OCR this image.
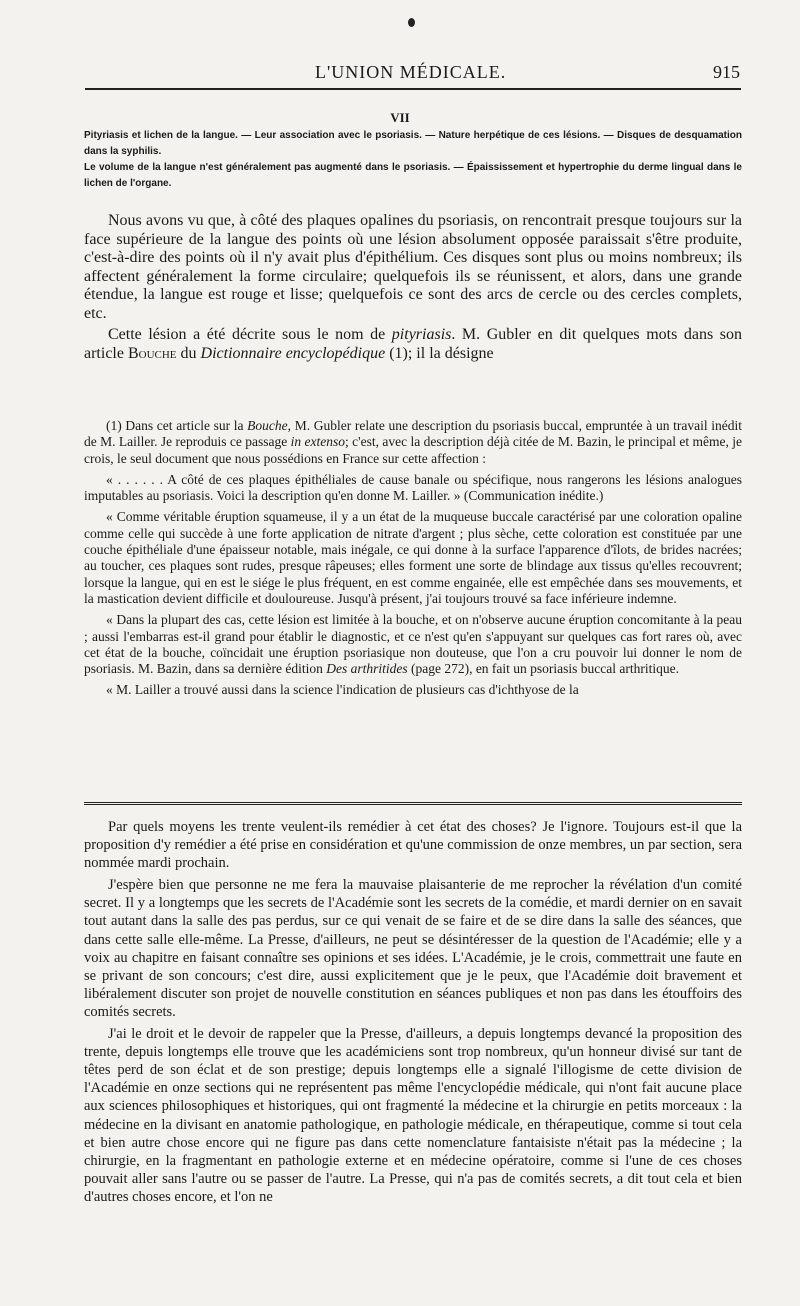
L'UNION MÉDICALE.	915
VII

Pityriasis et lichen de la langue. — Leur association avec le psoriasis. — Nature herpétique de ces lésions. — Disques de desquamation dans la syphilis.

Le volume de la langue n'est généralement pas augmenté dans le psoriasis. — Épaississement et hypertrophie du derme lingual dans le lichen de l'organe.

Nous avons vu que, à côté des plaques opalines du psoriasis, on rencontrait presque toujours sur la face supérieure de la langue des points où une lésion absolument opposée paraissait s'être produite, c'est-à-dire des points où il n'y avait plus d'épithélium. Ces disques sont plus ou moins nombreux; ils affectent généralement la forme circulaire; quelquefois ils se réunissent, et alors, dans une grande étendue, la langue est rouge et lisse; quelquefois ce sont des arcs de cercle ou des cercles complets, etc.

Cette lésion a été décrite sous le nom de pityriasis. M. Gubler en dit quelques mots dans son article Bouche du Dictionnaire encyclopédique (1); il la désigne

(1) Dans cet article sur la Bouche, M. Gubler relate une description du psoriasis buccal, empruntée à un travail inédit de M. Lailler. Je reproduis ce passage in extenso; c'est, avec la description déjà citée de M. Bazin, le principal et même, je crois, le seul document que nous possédions en France sur cette affection :

« . . . . . . A côté de ces plaques épithéliales de cause banale ou spécifique, nous rangerons les lésions analogues imputables au psoriasis. Voici la description qu'en donne M. Lailler. » (Communication inédite.)

« Comme véritable éruption squameuse, il y a un état de la muqueuse buccale caractérisé par une coloration opaline comme celle qui succède à une forte application de nitrate d'argent ; plus sèche, cette coloration est constituée par une couche épithéliale d'une épaisseur notable, mais inégale, ce qui donne à la surface l'apparence d'îlots, de brides nacrées; au toucher, ces plaques sont rudes, presque râpeuses; elles forment une sorte de blindage aux tissus qu'elles recouvrent; lorsque la langue, qui en est le siége le plus fréquent, en est comme engainée, elle est empêchée dans ses mouvements, et la mastication devient difficile et douloureuse. Jusqu'à présent, j'ai toujours trouvé sa face inférieure indemne.

« Dans la plupart des cas, cette lésion est limitée à la bouche, et on n'observe aucune éruption concomitante à la peau ; aussi l'embarras est-il grand pour établir le diagnostic, et ce n'est qu'en s'appuyant sur quelques cas fort rares où, avec cet état de la bouche, coïncidait une éruption psoriasique non douteuse, que l'on a cru pouvoir lui donner le nom de psoriasis. M. Bazin, dans sa dernière édition Des arthritides (page 272), en fait un psoriasis buccal arthritique.

« M. Lailler a trouvé aussi dans la science l'indication de plusieurs cas d'ichthyose de la

Par quels moyens les trente veulent-ils remédier à cet état des choses? Je l'ignore. Toujours est-il que la proposition d'y remédier a été prise en considération et qu'une commission de onze membres, un par section, sera nommée mardi prochain.

J'espère bien que personne ne me fera la mauvaise plaisanterie de me reprocher la révélation d'un comité secret. Il y a longtemps que les secrets de l'Académie sont les secrets de la comédie, et mardi dernier on en savait tout autant dans la salle des pas perdus, sur ce qui venait de se faire et de se dire dans la salle des séances, que dans cette salle elle-même. La Presse, d'ailleurs, ne peut se désintéresser de la question de l'Académie; elle y a voix au chapitre en faisant connaître ses opinions et ses idées. L'Académie, je le crois, commettrait une faute en se privant de son concours; c'est dire, aussi explicitement que je le peux, que l'Académie doit bravement et libéralement discuter son projet de nouvelle constitution en séances publiques et non pas dans les étouffoirs des comités secrets.

J'ai le droit et le devoir de rappeler que la Presse, d'ailleurs, a depuis longtemps devancé la proposition des trente, depuis longtemps elle trouve que les académiciens sont trop nombreux, qu'un honneur divisé sur tant de têtes perd de son éclat et de son prestige; depuis longtemps elle a signalé l'illogisme de cette division de l'Académie en onze sections qui ne représentent pas même l'encyclopédie médicale, qui n'ont fait aucune place aux sciences philosophiques et historiques, qui ont fragmenté la médecine et la chirurgie en petits morceaux : la médecine en la divisant en anatomie pathologique, en pathologie médicale, en thérapeutique, comme si tout cela et bien autre chose encore qui ne figure pas dans cette nomenclature fantaisiste n'était pas la médecine ; la chirurgie, en la fragmentant en pathologie externe et en médecine opératoire, comme si l'une de ces choses pouvait aller sans l'autre ou se passer de l'autre. La Presse, qui n'a pas de comités secrets, a dit tout cela et bien d'autres choses encore, et l'on ne
